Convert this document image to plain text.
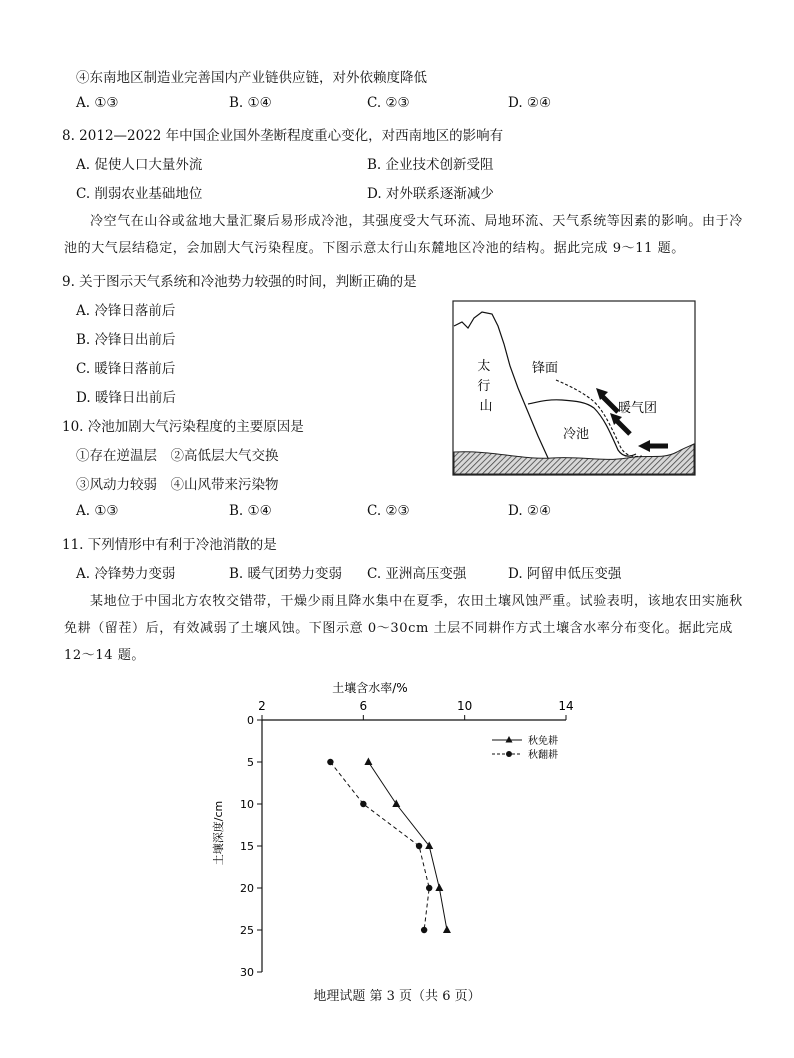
④东南地区制造业完善国内产业链供应链，对外依赖度降低
A. ①③	B. ①④	C. ②③	D. ②④
8. 2012—2022 年中国企业国外垄断程度重心变化，对西南地区的影响有
A. 促使人口大量外流	B. 企业技术创新受阻
C. 削弱农业基础地位	D. 对外联系逐渐减少
冷空气在山谷或盆地大量汇聚后易形成冷池，其强度受大气环流、局地环流、天气系统等因素的影响。由于冷池的大气层结稳定，会加剧大气污染程度。下图示意太行山东麓地区冷池的结构。据此完成 9～11 题。
9. 关于图示天气系统和冷池势力较强的时间，判断正确的是
A. 冷锋日落前后
B. 冷锋日出前后
C. 暖锋日落前后
D. 暖锋日出前后
10. 冷池加剧大气污染程度的主要原因是
①存在逆温层　②高低层大气交换
③风动力较弱　④山风带来污染物
A. ①③	B. ①④	C. ②③	D. ②④
11. 下列情形中有利于冷池消散的是
A. 冷锋势力变弱	B. 暖气团势力变弱 C. 亚洲高压变强	D. 阿留申低压变强
某地位于中国北方农牧交错带，干燥少雨且降水集中在夏季，农田土壤风蚀严重。试验表明，该地农田实施秋免耕（留茬）后，有效减弱了土壤风蚀。下图示意 0～30cm 土层不同耕作方式土壤含水率分布变化。据此完成 12～14 题。
太 行 山
锋面
暖气团
冷池
土壤含水率/%
土壤深度/cm
2	6	10	14
0
5
10
15
20
25
30
秋免耕
秋翻耕
地理试题 第 3 页（共 6 页）
